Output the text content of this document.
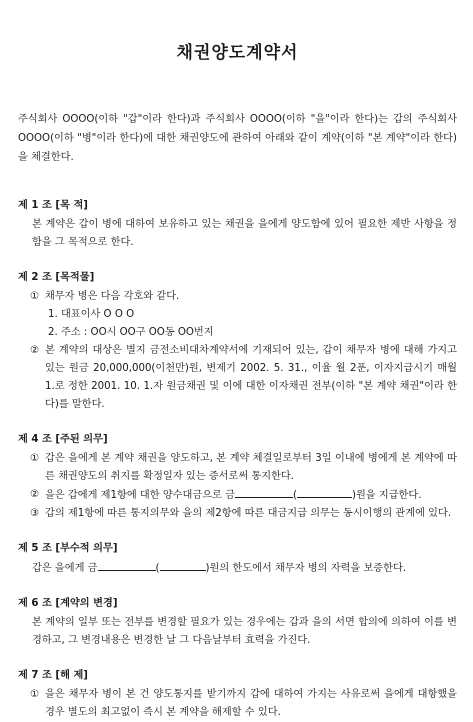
채권양도계약서

주식회사 OOOO(이하 "갑"이라 한다)과 주식회사 OOOO(이하 "을"이라 한다)는 갑의 주식회사 OOOO(이하 "병"이라 한다)에 대한 채권양도에 관하여 아래와 같이 계약(이하 "본 계약"이라 한다)을 체결한다.

제 1 조 [목 적]

본 계약은 갑이 병에 대하여 보유하고 있는 채권을 을에게 양도함에 있어 필요한 제반 사항을 정함을 그 목적으로 한다.

제 2 조 [목적물]
① 채무자 병은 다음 각호와 같다.

1. 대표이사 O O O

2. 주소 : OO시 OO구 OO동 OO번지

② 본 계약의 대상은 별지 금전소비대차계약서에 기재되어 있는, 갑이 채무자 병에 대해 가지고 있는 원금 20,000,000(이천만)원, 변제기 2002. 5. 31., 이율 월 2푼, 이자지급시기 매월 1.로 정한 2001. 10. 1.자 원금채권 및 이에 대한 이자채권 전부(이하 "본 계약 채권"이라 한다)를 말한다.
제 4 조 [주된 의무]
① 갑은 을에게 본 계약 채권을 양도하고, 본 계약 체결일로부터 3일 이내에 병에게 본 계약에 따른 채권양도의 취지를 확정일자 있는 증서로써 통지한다.
② 을은 갑에게 제1항에 대한 양수대금으로 금	(	)원을 지급한다.
③ 갑의 제1항에 따른 통지의무와 을의 제2항에 따른 대금지급 의무는 동시이행의 관계에 있다.
제 5 조 [부수적 의무]

갑은 을에게 금	(	)원의 한도에서 채무자 병의 자력을 보증한다.

제 6 조 [계약의 변경]

본 계약의 일부 또는 전부를 변경할 필요가 있는 경우에는 갑과 을의 서면 합의에 의하여 이를 변경하고, 그 변경내용은 변경한 날 그 다음날부터 효력을 가진다.

제 7 조 [해 제]
① 을은 채무자 병이 본 건 양도통지를 받기까지 갑에 대하여 가지는 사유로써 을에게 대항했을 경우 별도의 최고없이 즉시 본 계약을 해제할 수 있다.
